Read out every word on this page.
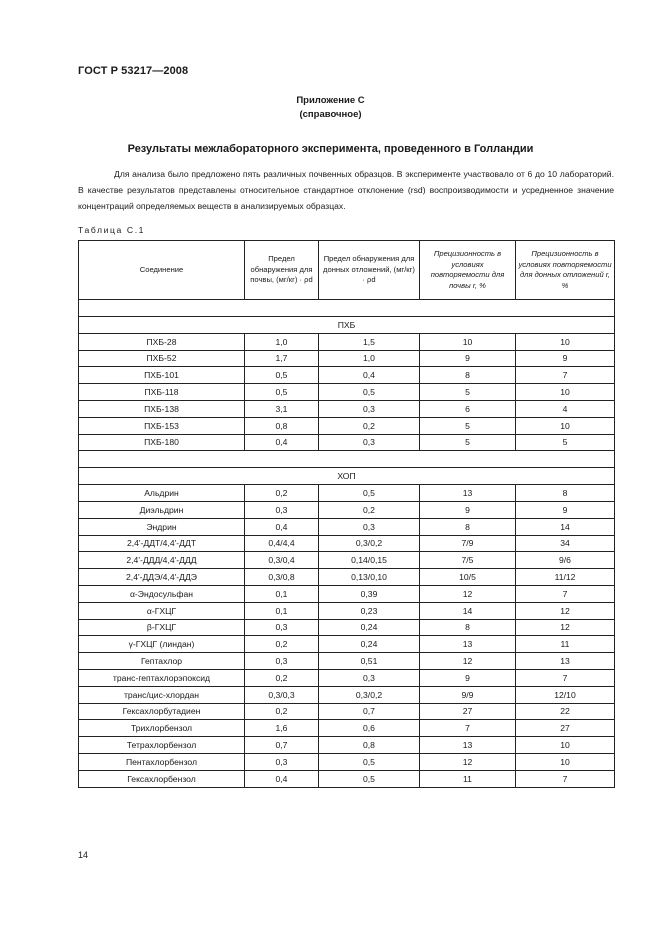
ГОСТ Р 53217—2008
Приложение С
(справочное)
Результаты межлабораторного эксперимента, проведенного в Голландии

Для анализа было предложено пять различных почвенных образцов. В эксперименте участвовало от 6 до 10 лабораторий. В качестве результатов представлены относительное стандартное отклонение (rsd) воспроизводимости и усредненное значение концентраций определяемых веществ в анализируемых образцах.

Таблица С.1
Соединение	Предел обнаружения для почвы, (мг/кг) · ρd	Предел обнаружения для донных отложений, (мг/кг) · ρd	Прецизионность в условиях повторяемости для почвы r, %	Прецизионность в условиях повторяемости для донных отложений r, %

ПХБ				
ПХБ-28	1,0	1,5	10	10
ПХБ-52	1,7	1,0	9	9
ПХБ-101	0,5	0,4	8	7
ПХБ-118	0,5	0,5	5	10
ПХБ-138	3,1	0,3	6	4
ПХБ-153	0,8	0,2	5	10
ПХБ-180	0,4	0,3	5	5

ХОП				
Альдрин	0,2	0,5	13	8
Диэльдрин	0,3	0,2	9	9
Эндрин	0,4	0,3	8	14
2,4'-ДДТ/4,4'-ДДТ	0,4/4,4	0,3/0,2	7/9	34
2,4'-ДДД/4,4'-ДДД	0,3/0,4	0,14/0,15	7/5	9/6
2,4'-ДДЭ/4,4'-ДДЭ	0,3/0,8	0,13/0,10	10/5	11/12
α-Эндосульфан	0,1	0,39	12	7
α-ГХЦГ	0,1	0,23	14	12
β-ГХЦГ	0,3	0,24	8	12
γ-ГХЦГ (линдан)	0,2	0,24	13	11
Гептахлор	0,3	0,51	12	13
транс-гептахлорэпоксид	0,2	0,3	9	7
транс/цис-хлордан	0,3/0,3	0,3/0,2	9/9	12/10
Гексахлорбутадиен	0,2	0,7	27	22
Трихлорбензол	1,6	0,6	7	27
Тетрахлорбензол	0,7	0,8	13	10
Пентахлорбензол	0,3	0,5	12	10
Гексахлорбензол	0,4	0,5	11	7
14
